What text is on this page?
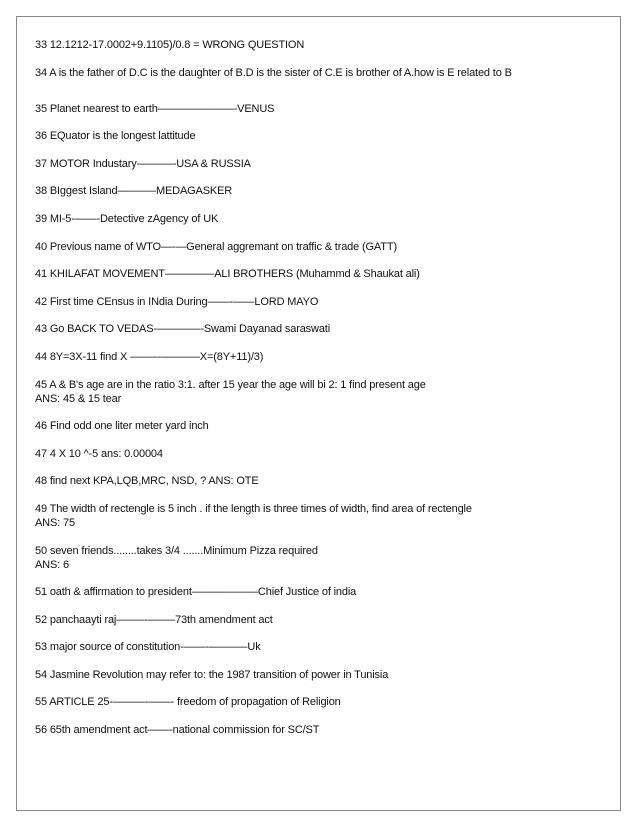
33 12.1212-17.0002+9.1105)/0.8 = WRONG QUESTION

34 A is the father of D.C is the daughter of B.D is the sister of C.E is brother of A.how is E related to B

35 Planet nearest to earth———————-VENUS

36 EQuator is the longest lattitude

37 MOTOR Industary-———-USA & RUSSIA

38 BIggest Island–———MEDAGASKER

39 MI-5-——-Detective zAgency of UK

40 Previous name of WTO—-—General aggremant on traffic & trade (GATT)

41 KHILAFAT MOVEMENT–————ALI BROTHERS (Muhammd & Shaukat ali)

42 First time CEnsus in INdia During——-——LORD MAYO

43 Go BACK TO VEDAS-————-Swami Dayanad saraswati

44 8Y=3X-11 find X –——-———–X=(8Y+11)/3)

45 A & B's age are in the ratio 3:1. after 15 year the age will bi 2: 1 find present age
ANS: 45 & 15 tear

46 Find odd one liter meter yard inch

47 4 X 10 ^-5 ans: 0.00004

48 find next KPA,LQB,MRC, NSD, ? ANS: OTE

49 The width of rectengle is 5 inch . if the length is three times of width, find area of rectengle
ANS: 75

50 seven friends........takes 3/4 .......Minimum Pizza required
ANS: 6

51 oath & affirmation to president–———–——Chief Justice of india

52 panchaayti raj–——-——–73th amendment act

53 major source of constitution-——-———–Uk

54 Jasmine Revolution may refer to: the 1987 transition of power in Tunisia

55 ARTICLE 25-———-——- freedom of propagation of Religion

56 65th amendment act——-national commission for SC/ST
